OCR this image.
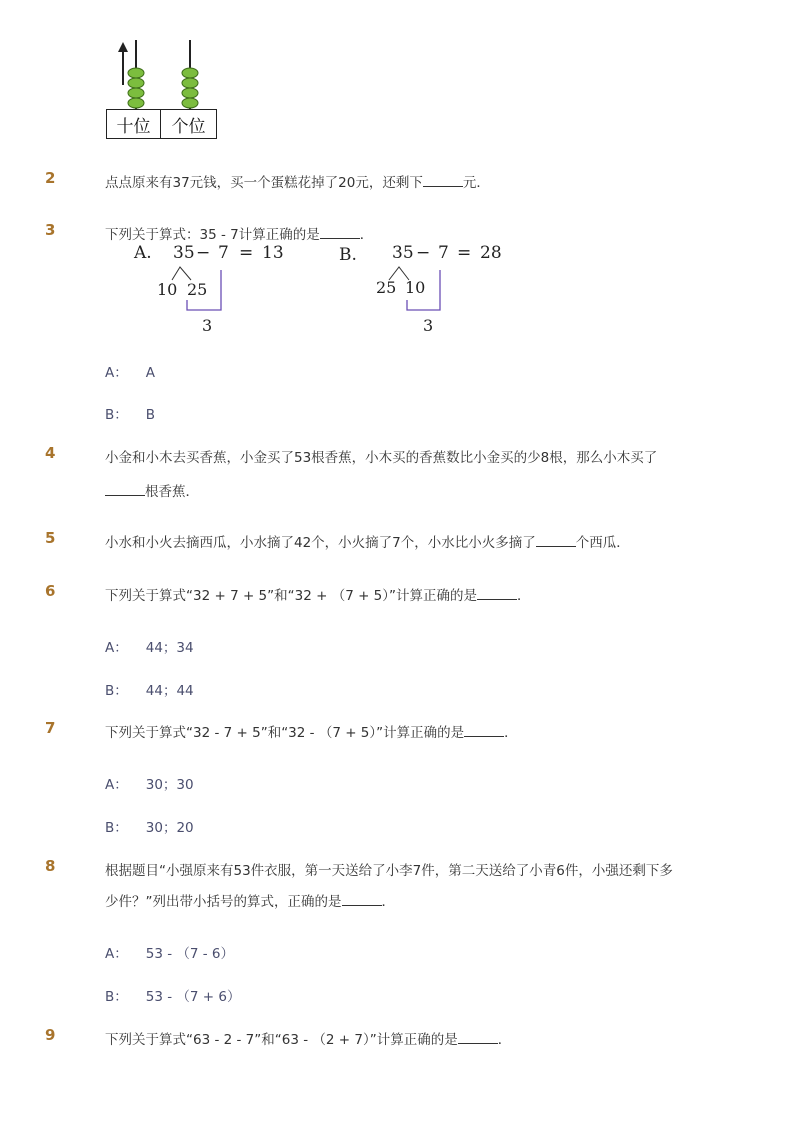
十位	个位
2	点点原来有37元钱，买一个蛋糕花掉了20元，还剩下	元．
3	下列关于算式：35 - 7计算正确的是	．
A. 35 − 7 = 13
10 25
3
B. 35 − 7 = 28
25 10
3
A： A
B： B
4	小金和小木去买香蕉，小金买了53根香蕉，小木买的香蕉数比小金买的少8根，那么小木买了
根香蕉．
5	小水和小火去摘西瓜，小水摘了42个，小火摘了7个，小水比小火多摘了	个西瓜．
6	下列关于算式“32 + 7 + 5”和“32 + （7 + 5）”计算正确的是	．
A： 44；34
B： 44；44
7	下列关于算式“32 - 7 + 5”和“32 - （7 + 5）”计算正确的是	．
A： 30；30
B： 30；20
8	根据题目“小强原来有53件衣服，第一天送给了小李7件，第二天送给了小青6件，小强还剩下多
少件？”列出带小括号的算式，正确的是	．
A： 53 - （7 - 6）
B： 53 - （7 + 6）
9	下列关于算式“63 - 2 - 7”和“63 - （2 + 7）”计算正确的是	．
